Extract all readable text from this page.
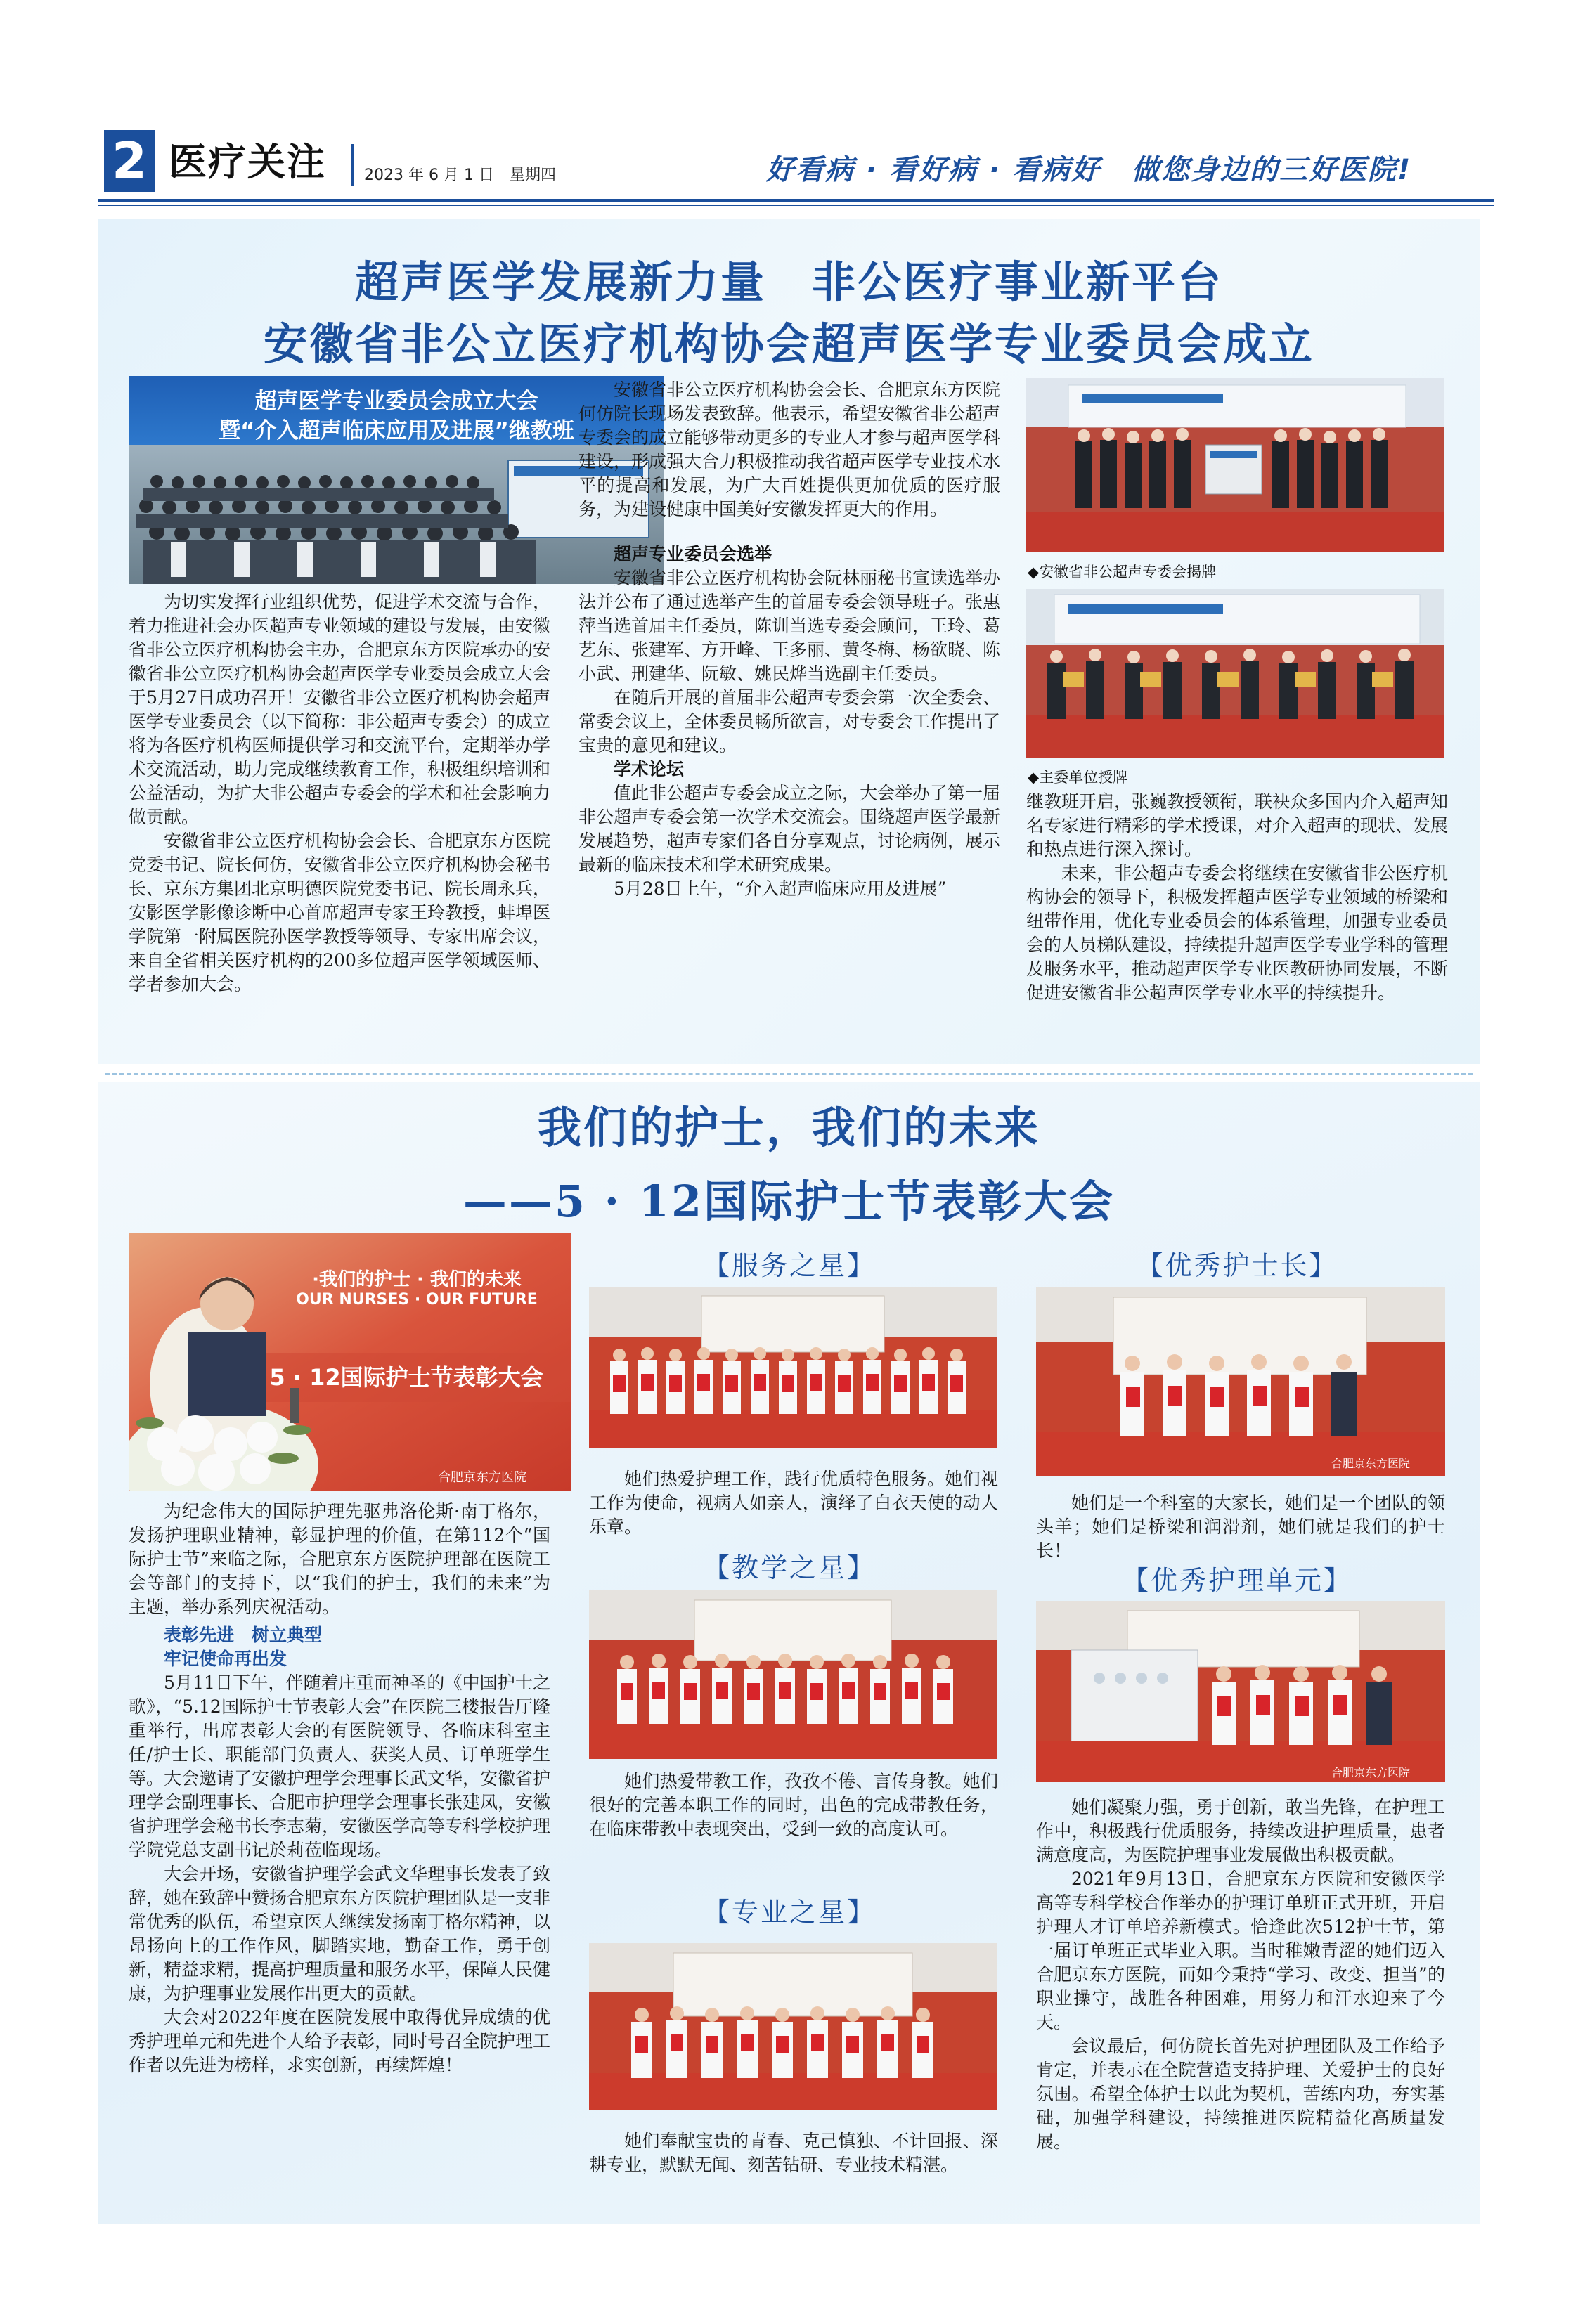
2 医疗关注 2023 年 6 月 1 日　星期四	好看病 · 看好病 · 看病好 做您身边的三好医院!
超声医学发展新力量　非公医疗事业新平台
安徽省非公立医疗机构协会超声医学专业委员会成立
超声医学专业委员会成立大会
暨“介入超声临床应用及进展”继教班

为切实发挥行业组织优势，促进学术交流与合作，着力推进社会办医超声专业领域的建设与发展，由安徽省非公立医疗机构协会主办，合肥京东方医院承办的安徽省非公立医疗机构协会超声医学专业委员会成立大会于5月27日成功召开！安徽省非公立医疗机构协会超声医学专业委员会（以下简称：非公超声专委会）的成立将为各医疗机构医师提供学习和交流平台，定期举办学术交流活动，助力完成继续教育工作，积极组织培训和公益活动，为扩大非公超声专委会的学术和社会影响力做贡献。

安徽省非公立医疗机构协会会长、合肥京东方医院党委书记、院长何仿，安徽省非公立医疗机构协会秘书长、京东方集团北京明德医院党委书记、院长周永兵，安影医学影像诊断中心首席超声专家王玲教授，蚌埠医学院第一附属医院孙医学教授等领导、专家出席会议，来自全省相关医疗机构的200多位超声医学领域医师、学者参加大会。

安徽省非公立医疗机构协会会长、合肥京东方医院何仿院长现场发表致辞。他表示，希望安徽省非公超声专委会的成立能够带动更多的专业人才参与超声医学科建设，形成强大合力积极推动我省超声医学专业技术水平的提高和发展，为广大百姓提供更加优质的医疗服务，为建设健康中国美好安徽发挥更大的作用。

超声专业委员会选举

安徽省非公立医疗机构协会阮林丽秘书宣读选举办法并公布了通过选举产生的首届专委会领导班子。张惠萍当选首届主任委员，陈训当选专委会顾问，王玲、葛艺东、张建军、方开峰、王多丽、黄冬梅、杨欲晓、陈小武、刑建华、阮敏、姚民烨当选副主任委员。

在随后开展的首届非公超声专委会第一次全委会、常委会议上，全体委员畅所欲言，对专委会工作提出了宝贵的意见和建议。

学术论坛

值此非公超声专委会成立之际，大会举办了第一届非公超声专委会第一次学术交流会。围绕超声医学最新发展趋势，超声专家们各自分享观点，讨论病例，展示最新的临床技术和学术研究成果。

5月28日上午，“介入超声临床应用及进展”

◆安徽省非公超声专委会揭牌
◆主委单位授牌

继教班开启，张巍教授领衔，联袂众多国内介入超声知名专家进行精彩的学术授课，对介入超声的现状、发展和热点进行深入探讨。

未来，非公超声专委会将继续在安徽省非公医疗机构协会的领导下，积极发挥超声医学专业领域的桥梁和纽带作用，优化专业委员会的体系管理，加强专业委员会的人员梯队建设，持续提升超声医学专业学科的管理及服务水平，推动超声医学专业医教研协同发展，不断促进安徽省非公超声医学专业水平的持续提升。

我们的护士，我们的未来
——5 · 12国际护士节表彰大会
·我们的护士 · 我们的未来
OUR NURSES · OUR FUTURE
5 · 12国际护士节表彰大会
合肥京东方医院

为纪念伟大的国际护理先驱弗洛伦斯·南丁格尔，发扬护理职业精神，彰显护理的价值，在第112个“国际护士节”来临之际，合肥京东方医院护理部在医院工会等部门的支持下，以“我们的护士，我们的未来”为主题，举办系列庆祝活动。

表彰先进　树立典型
牢记使命再出发

5月11日下午，伴随着庄重而神圣的《中国护士之歌》，“5.12国际护士节表彰大会”在医院三楼报告厅隆重举行，出席表彰大会的有医院领导、各临床科室主任/护士长、职能部门负责人、获奖人员、订单班学生等。大会邀请了安徽护理学会理事长武文华，安徽省护理学会副理事长、合肥市护理学会理事长张建凤，安徽省护理学会秘书长李志菊，安徽医学高等专科学校护理学院党总支副书记於莉莅临现场。

大会开场，安徽省护理学会武文华理事长发表了致辞，她在致辞中赞扬合肥京东方医院护理团队是一支非常优秀的队伍，希望京医人继续发扬南丁格尔精神，以昂扬向上的工作作风，脚踏实地，勤奋工作，勇于创新，精益求精，提高护理质量和服务水平，保障人民健康，为护理事业发展作出更大的贡献。

大会对2022年度在医院发展中取得优异成绩的优秀护理单元和先进个人给予表彰，同时号召全院护理工作者以先进为榜样，求实创新，再续辉煌！

【服务之星】
她们热爱护理工作，践行优质特色服务。她们视工作为使命，视病人如亲人，演绎了白衣天使的动人乐章。
【教学之星】
她们热爱带教工作，孜孜不倦、言传身教。她们很好的完善本职工作的同时，出色的完成带教任务，在临床带教中表现突出，受到一致的高度认可。
【专业之星】
她们奉献宝贵的青春、克己慎独、不计回报、深耕专业，默默无闻、刻苦钻研、专业技术精湛。
【优秀护士长】
合肥京东方医院
她们是一个科室的大家长，她们是一个团队的领头羊；她们是桥梁和润滑剂，她们就是我们的护士长！
【优秀护理单元】
合肥京东方医院

她们凝聚力强，勇于创新，敢当先锋，在护理工作中，积极践行优质服务，持续改进护理质量，患者满意度高，为医院护理事业发展做出积极贡献。

2021年9月13日，合肥京东方医院和安徽医学高等专科学校合作举办的护理订单班正式开班，开启护理人才订单培养新模式。恰逢此次512护士节，第一届订单班正式毕业入职。当时稚嫩青涩的她们迈入合肥京东方医院，而如今秉持“学习、改变、担当”的职业操守，战胜各种困难，用努力和汗水迎来了今天。

会议最后，何仿院长首先对护理团队及工作给予肯定，并表示在全院营造支持护理、关爱护士的良好氛围。希望全体护士以此为契机，苦练内功，夯实基础，加强学科建设，持续推进医院精益化高质量发展。
